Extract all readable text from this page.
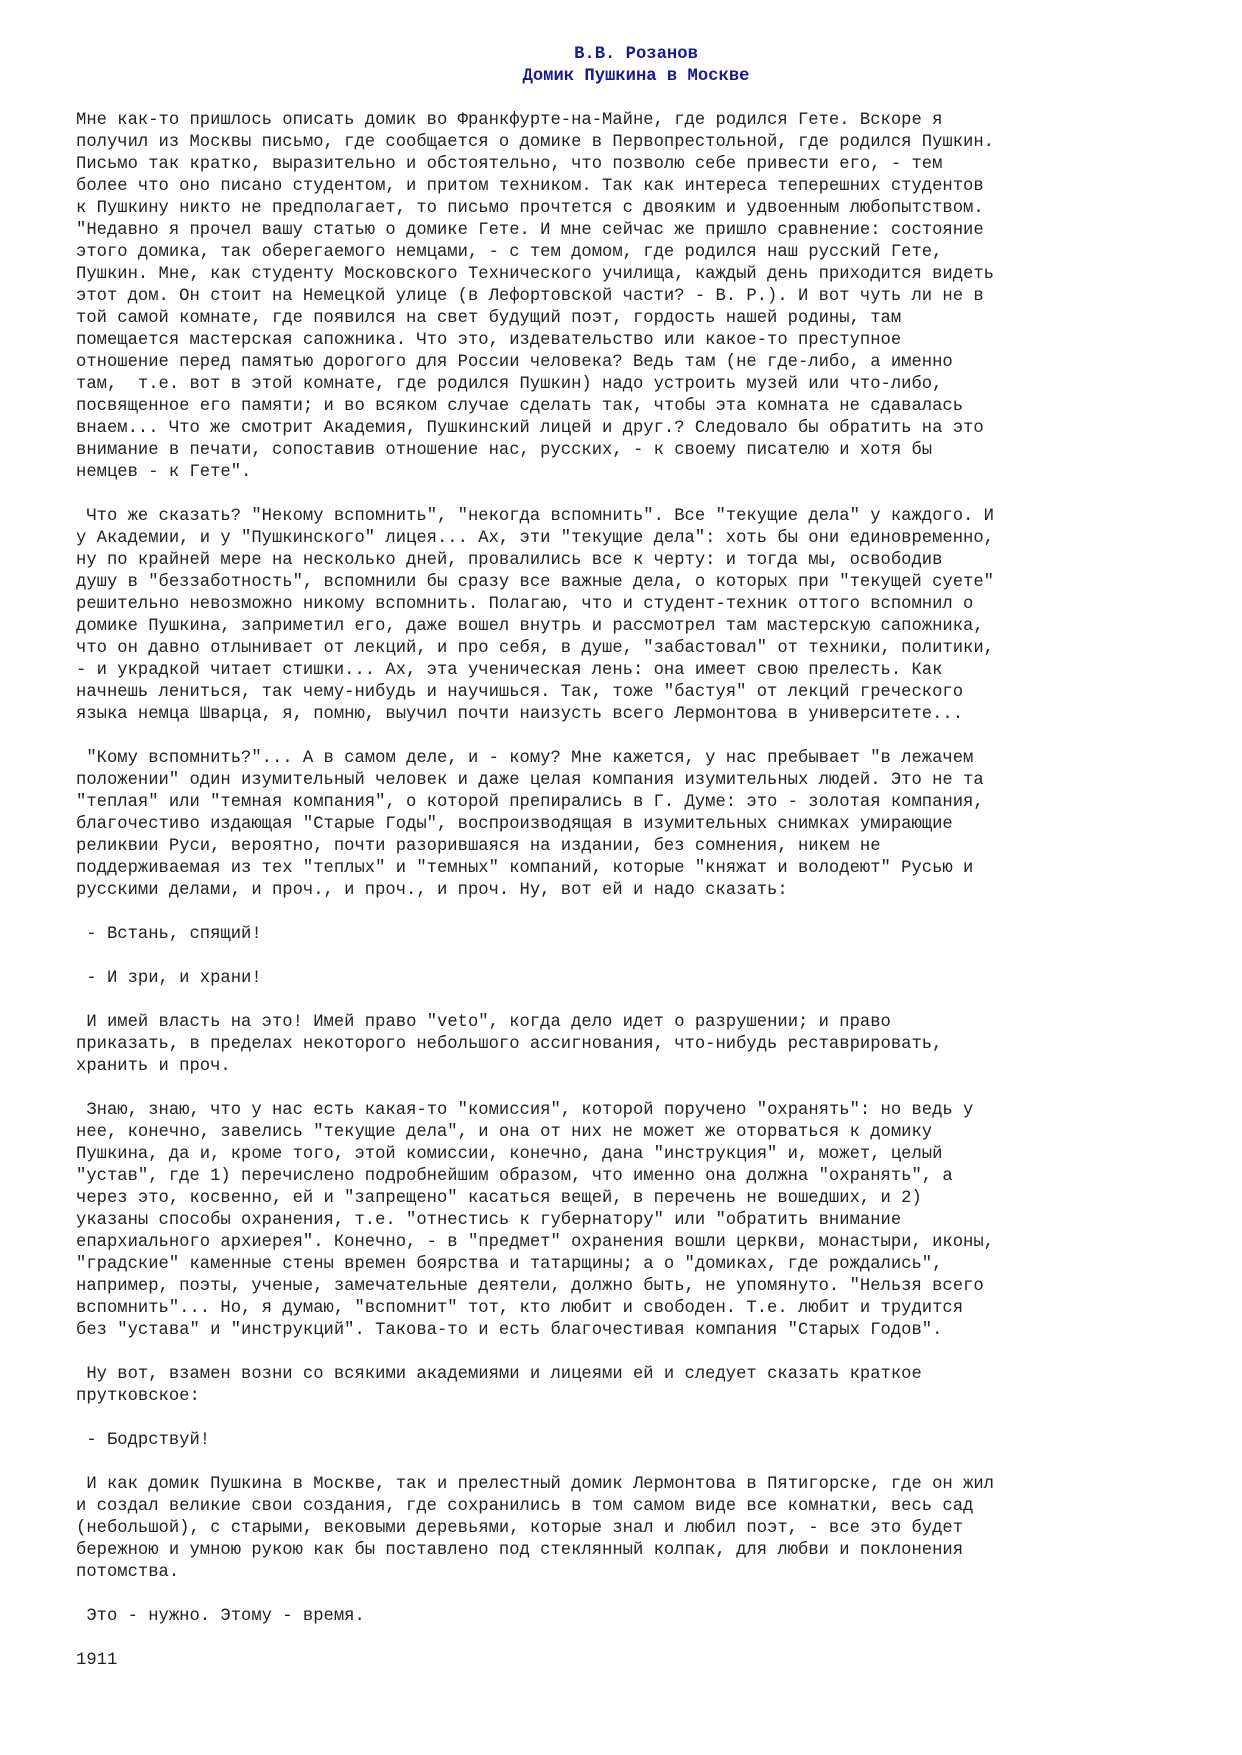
В.В. Розанов
Домик Пушкина в Москве

Мне как-то пришлось описать домик во Франкфурте-на-Майне, где родился Гете. Вскоре я
получил из Москвы письмо, где сообщается о домике в Первопрестольной, где родился Пушкин.
Письмо так кратко, выразительно и обстоятельно, что позволю себе привести его, - тем
более что оно писано студентом, и притом техником. Так как интереса теперешних студентов
к Пушкину никто не предполагает, то письмо прочтется с двояким и удвоенным любопытством.
"Недавно я прочел вашу статью о домике Гете. И мне сейчас же пришло сравнение: состояние
этого домика, так оберегаемого немцами, - с тем домом, где родился наш русский Гете,
Пушкин. Мне, как студенту Московского Технического училища, каждый день приходится видеть
этот дом. Он стоит на Немецкой улице (в Лефортовской части? - В. Р.). И вот чуть ли не в
той самой комнате, где появился на свет будущий поэт, гордость нашей родины, там
помещается мастерская сапожника. Что это, издевательство или какое-то преступное
отношение перед памятью дорогого для России человека? Ведь там (не где-либо, а именно
там,  т.е. вот в этой комнате, где родился Пушкин) надо устроить музей или что-либо,
посвященное его памяти; и во всяком случае сделать так, чтобы эта комната не сдавалась
внаем... Что же смотрит Академия, Пушкинский лицей и друг.? Следовало бы обратить на это
внимание в печати, сопоставив отношение нас, русских, - к своему писателю и хотя бы
немцев - к Гете".

Что же сказать? "Некому вспомнить", "некогда вспомнить". Все "текущие дела" у каждого. И
у Академии, и у "Пушкинского" лицея... Ах, эти "текущие дела": хоть бы они единовременно,
ну по крайней мере на несколько дней, провалились все к черту: и тогда мы, освободив
душу в "беззаботность", вспомнили бы сразу все важные дела, о которых при "текущей суете"
решительно невозможно никому вспомнить. Полагаю, что и студент-техник оттого вспомнил о
домике Пушкина, заприметил его, даже вошел внутрь и рассмотрел там мастерскую сапожника,
что он давно отлынивает от лекций, и про себя, в душе, "забастовал" от техники, политики,
- и украдкой читает стишки... Ах, эта ученическая лень: она имеет свою прелесть. Как
начнешь лениться, так чему-нибудь и научишься. Так, тоже "бастуя" от лекций греческого
языка немца Шварца, я, помню, выучил почти наизусть всего Лермонтова в университете...

"Кому вспомнить?"... А в самом деле, и - кому? Мне кажется, у нас пребывает "в лежачем
положении" один изумительный человек и даже целая компания изумительных людей. Это не та
"теплая" или "темная компания", о которой препирались в Г. Думе: это - золотая компания,
благочестиво издающая "Старые Годы", воспроизводящая в изумительных снимках умирающие
реликвии Руси, вероятно, почти разорившаяся на издании, без сомнения, никем не
поддерживаемая из тех "теплых" и "темных" компаний, которые "княжат и володеют" Русью и
русскими делами, и проч., и проч., и проч. Ну, вот ей и надо сказать:

- Встань, спящий!

- И зри, и храни!

И имей власть на это! Имей право "veto", когда дело идет о разрушении; и право
приказать, в пределах некоторого небольшого ассигнования, что-нибудь реставрировать,
хранить и проч.

Знаю, знаю, что у нас есть какая-то "комиссия", которой поручено "охранять": но ведь у
нее, конечно, завелись "текущие дела", и она от них не может же оторваться к домику
Пушкина, да и, кроме того, этой комиссии, конечно, дана "инструкция" и, может, целый
"устав", где 1) перечислено подробнейшим образом, что именно она должна "охранять", а
через это, косвенно, ей и "запрещено" касаться вещей, в перечень не вошедших, и 2)
указаны способы охранения, т.е. "отнестись к губернатору" или "обратить внимание
епархиального архиерея". Конечно, - в "предмет" охранения вошли церкви, монастыри, иконы,
"градские" каменные стены времен боярства и татарщины; а о "домиках, где рождались",
например, поэты, ученые, замечательные деятели, должно быть, не упомянуто. "Нельзя всего
вспомнить"... Но, я думаю, "вспомнит" тот, кто любит и свободен. Т.е. любит и трудится
без "устава" и "инструкций". Такова-то и есть благочестивая компания "Старых Годов".

Ну вот, взамен возни со всякими академиями и лицеями ей и следует сказать краткое
прутковское:

- Бодрствуй!

И как домик Пушкина в Москве, так и прелестный домик Лермонтова в Пятигорске, где он жил
и создал великие свои создания, где сохранились в том самом виде все комнатки, весь сад
(небольшой), с старыми, вековыми деревьями, которые знал и любил поэт, - все это будет
бережною и умною рукою как бы поставлено под стеклянный колпак, для любви и поклонения
потомства.

Это - нужно. Этому - время.

1911
